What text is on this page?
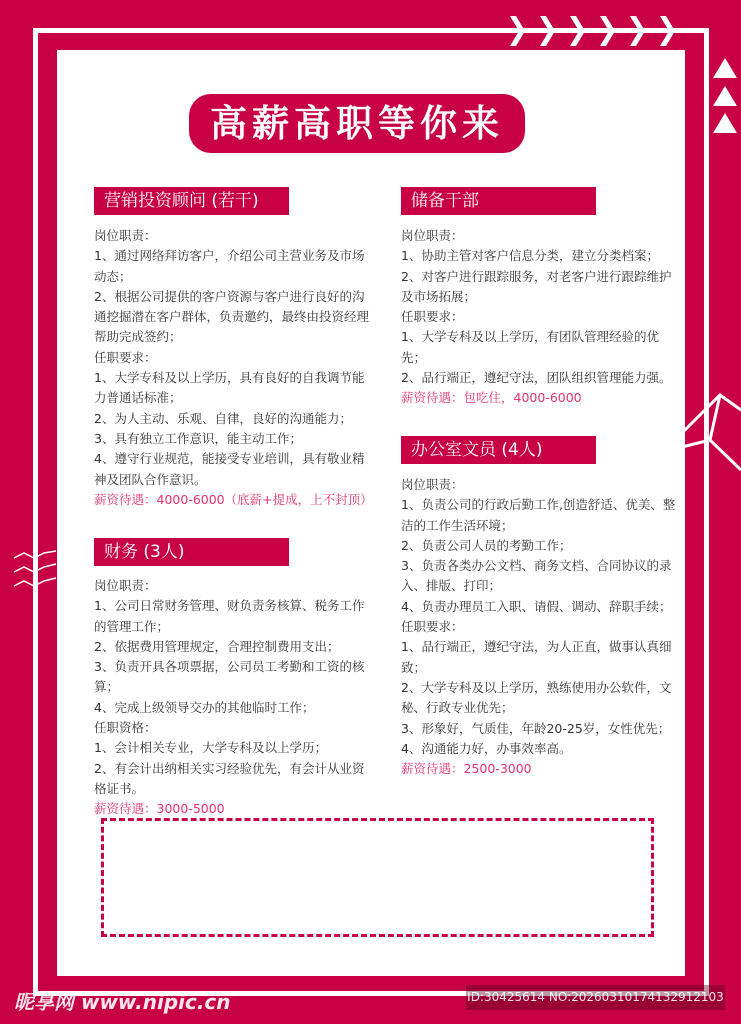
高薪高职等你来
营销投资顾问 (若干)

岗位职责：

1、通过网络拜访客户，介绍公司主营业务及市场动态；

2、根据公司提供的客户资源与客户进行良好的沟通挖掘潜在客户群体，负责邀约，最终由投资经理帮助完成签约；

任职要求：

1、大学专科及以上学历，具有良好的自我调节能力普通话标准；

2、为人主动、乐观、自律，良好的沟通能力；

3、具有独立工作意识，能主动工作；

4、遵守行业规范，能接受专业培训，具有敬业精神及团队合作意识。

薪资待遇：4000-6000（底薪+提成，上不封顶）

财务 (3人)

岗位职责：

1、公司日常财务管理、财负责务核算、税务工作的管理工作；

2、依据费用管理规定，合理控制费用支出；

3、负责开具各项票据，公司员工考勤和工资的核算；

4、完成上级领导交办的其他临时工作；

任职资格：

1、会计相关专业，大学专科及以上学历；

2、有会计出纳相关实习经验优先，有会计从业资格证书。

薪资待遇：3000-5000

储备干部

岗位职责：

1、协助主管对客户信息分类，建立分类档案；

2、对客户进行跟踪服务，对老客户进行跟踪维护及市场拓展；

任职要求：

1、大学专科及以上学历，有团队管理经验的优先；

2、品行端正，遵纪守法，团队组织管理能力强。

薪资待遇：包吃住，4000-6000

办公室文员 (4人)

岗位职责：

1、负责公司的行政后勤工作,创造舒适、优美、整洁的工作生活环境；

2、负责公司人员的考勤工作；

3、负责各类办公文档、商务文档、合同协议的录入、排版、打印；

4、负责办理员工入职、请假、调动、辞职手续；

任职要求：

1、品行端正，遵纪守法，为人正直，做事认真细致；

2、大学专科及以上学历，熟练使用办公软件，文秘、行政专业优先；

3、形象好，气质佳，年龄20-25岁，女性优先；

4、沟通能力好，办事效率高。

薪资待遇：2500-3000

昵享网 www.nipic.cn	ID:30425614 NO:20260310174132912103
